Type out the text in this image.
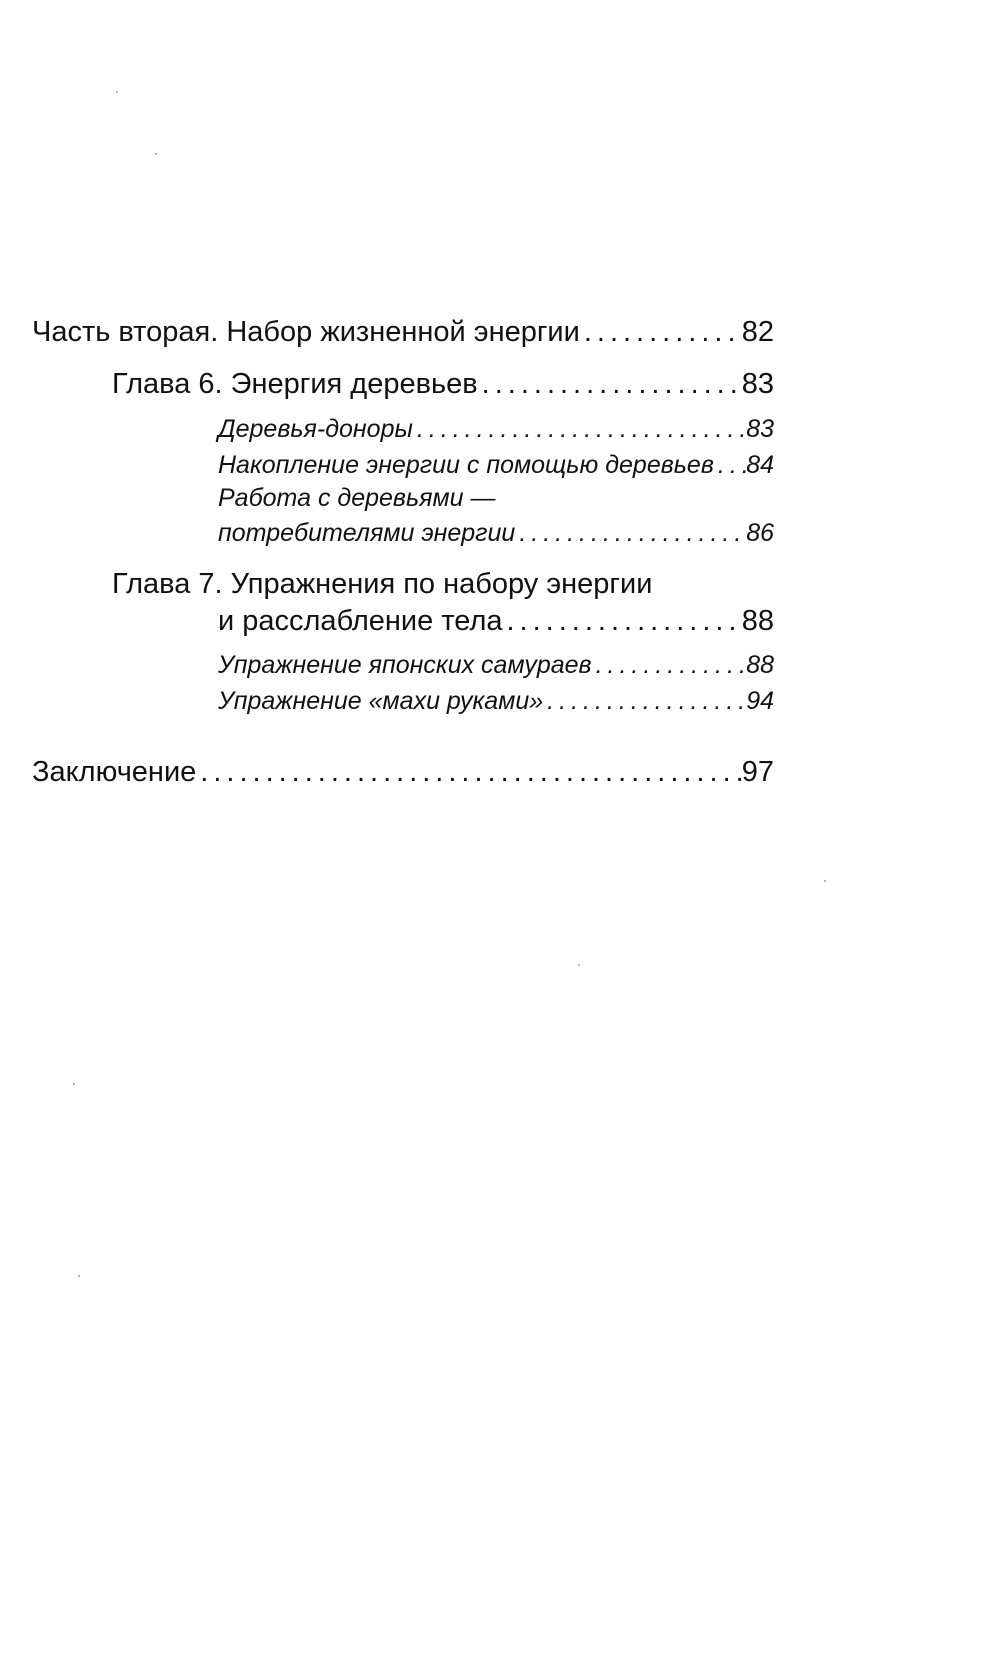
Часть вторая. Набор жизненной энергии .....	82
Глава 6. Энергия деревьев .....	83
Деревья-доноры .....	83
Накопление энергии с помощью деревьев ..... 84
Работа с деревьями —
потребителями энергии .....	86
Глава 7. Упражнения по набору энергии
и расслабление тела .....	88
Упражнение японских самураев .....	88
Упражнение «махи руками» .....	94
Заключение .....	97
